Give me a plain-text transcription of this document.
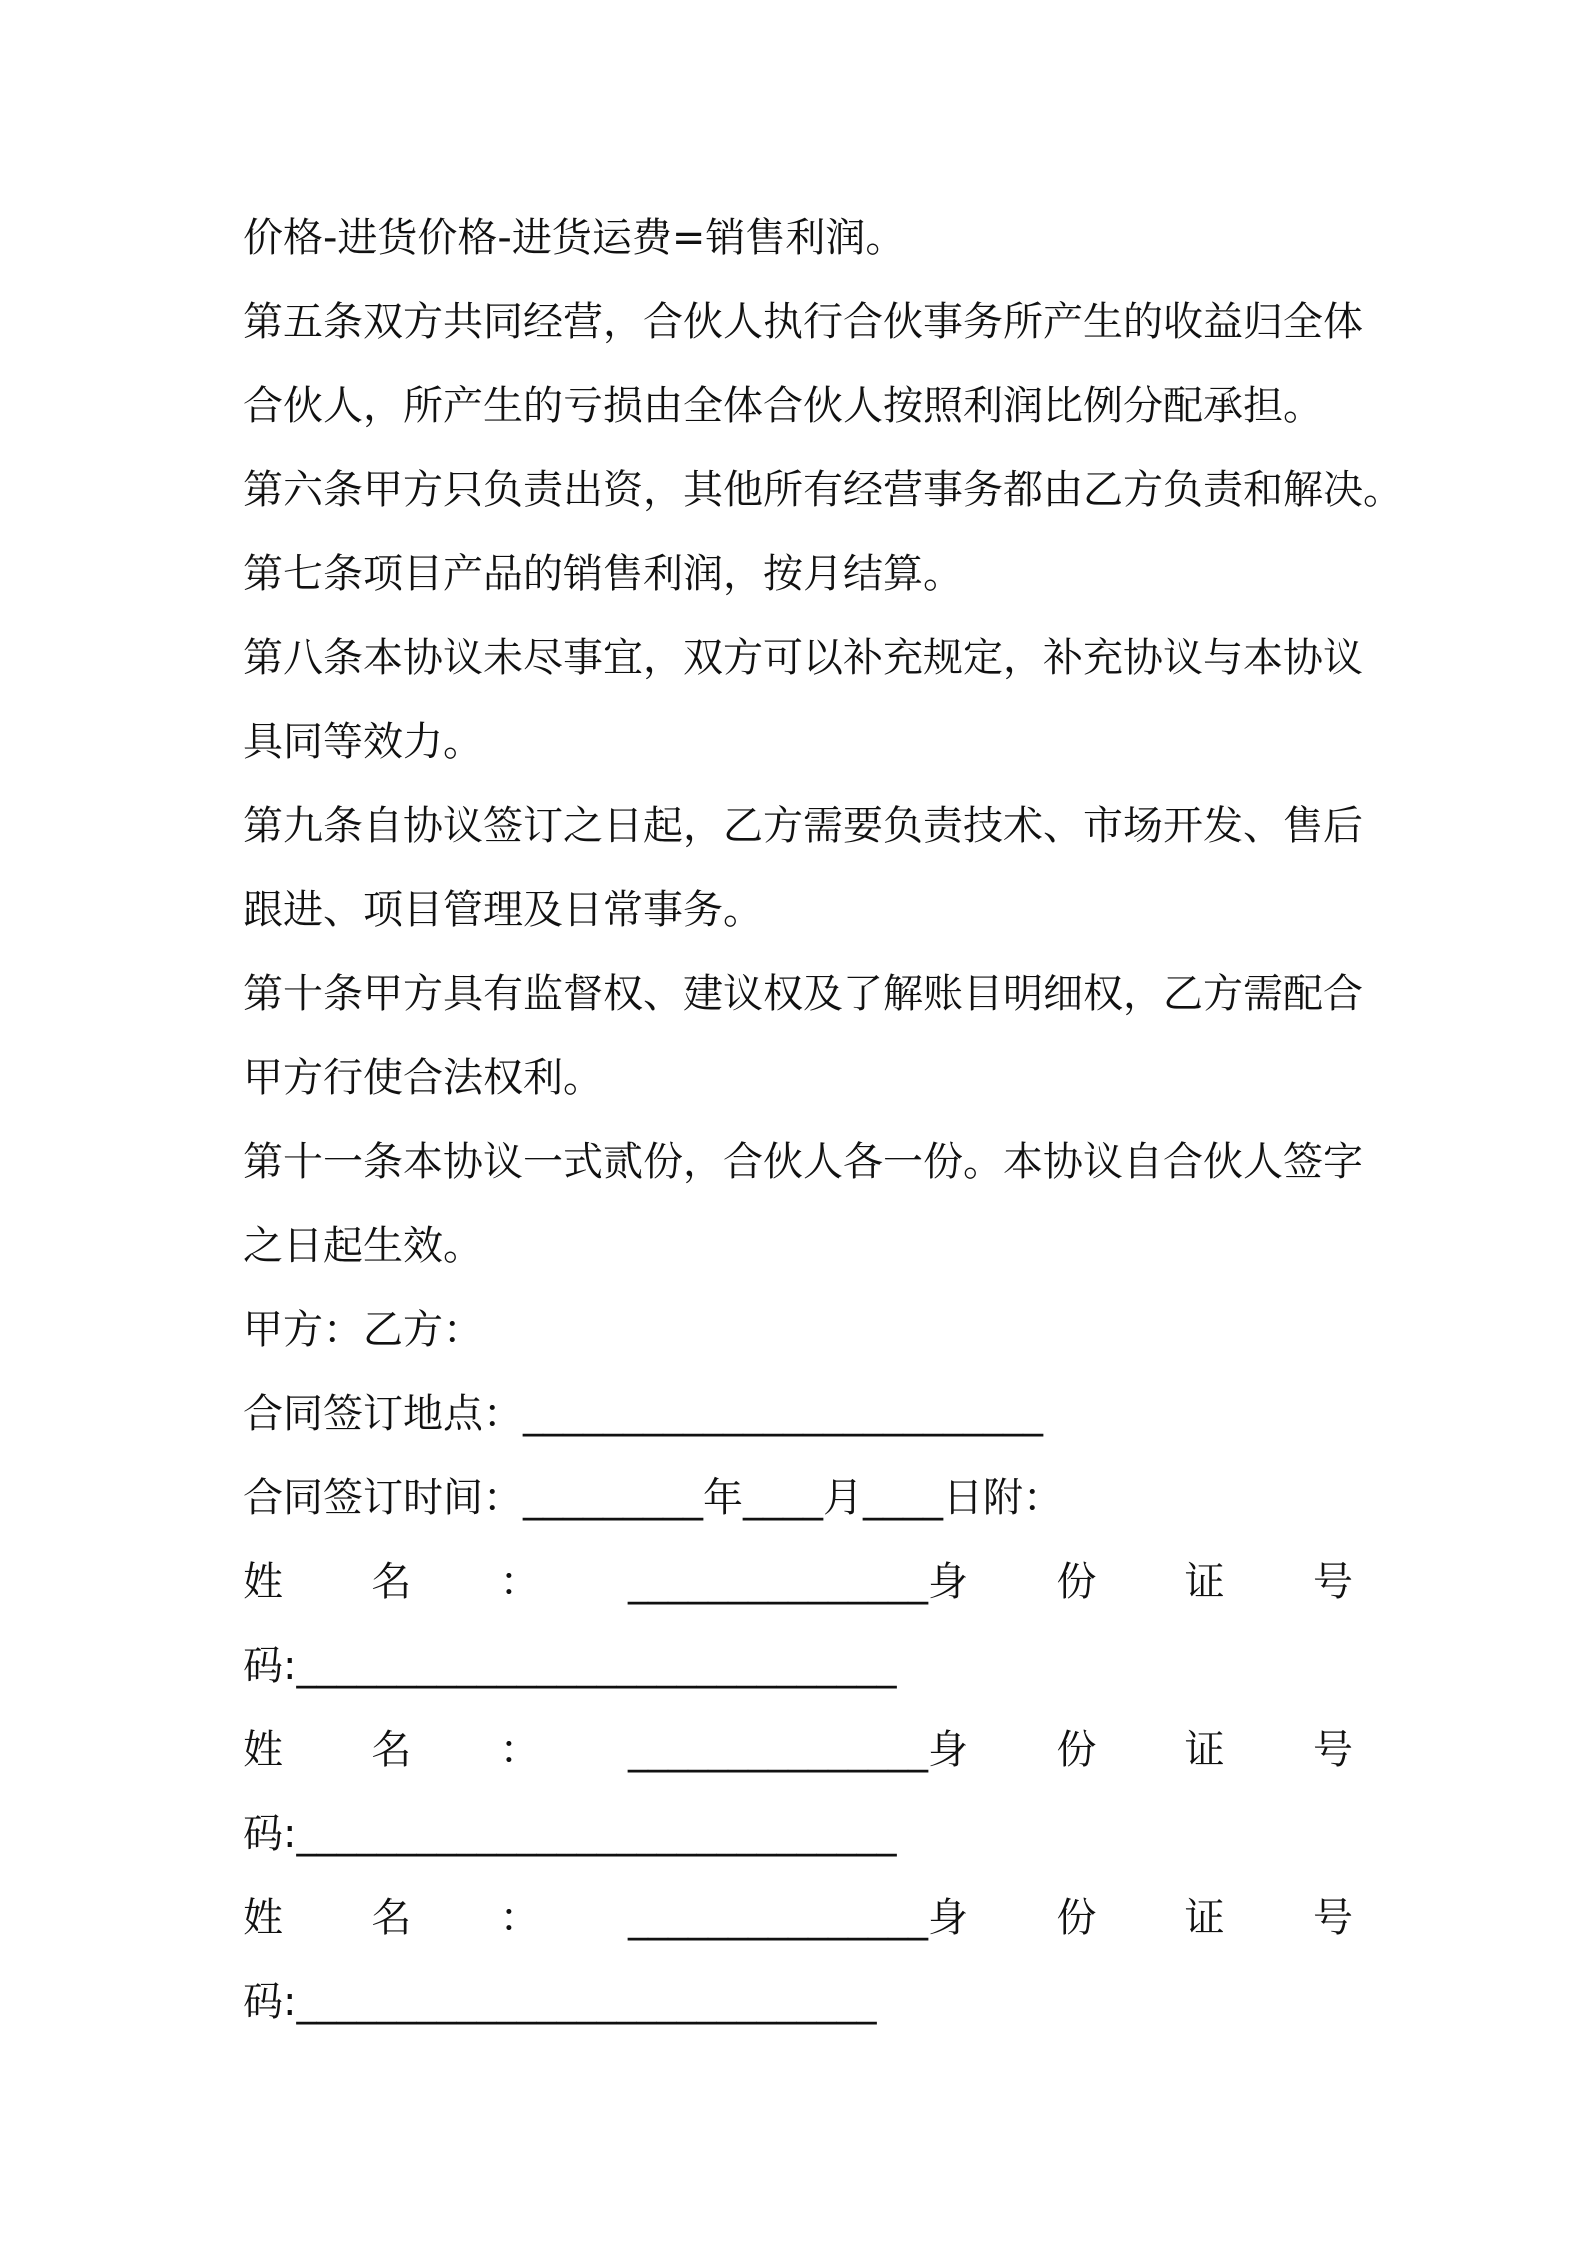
价格-进货价格-进货运费=销售利润。
第五条双方共同经营，合伙人执行合伙事务所产生的收益归全体
合伙人，所产生的亏损由全体合伙人按照利润比例分配承担。
第六条甲方只负责出资，其他所有经营事务都由乙方负责和解决。
第七条项目产品的销售利润，按月结算。
第八条本协议未尽事宜，双方可以补充规定，补充协议与本协议
具同等效力。
第九条自协议签订之日起，乙方需要负责技术、市场开发、售后
跟进、项目管理及日常事务。
第十条甲方具有监督权、建议权及了解账目明细权，乙方需配合
甲方行使合法权利。
第十一条本协议一式贰份，合伙人各一份。本协议自合伙人签字
之日起生效。
甲方：乙方：
合同签订地点：__________________________
合同签订时间：_________年____月____日附：
姓 名 ： _______________身 份 证 号
码:______________________________
姓 名 ： _______________身 份 证 号
码:______________________________
姓 名 ： _______________身 份 证 号
码:_____________________________
